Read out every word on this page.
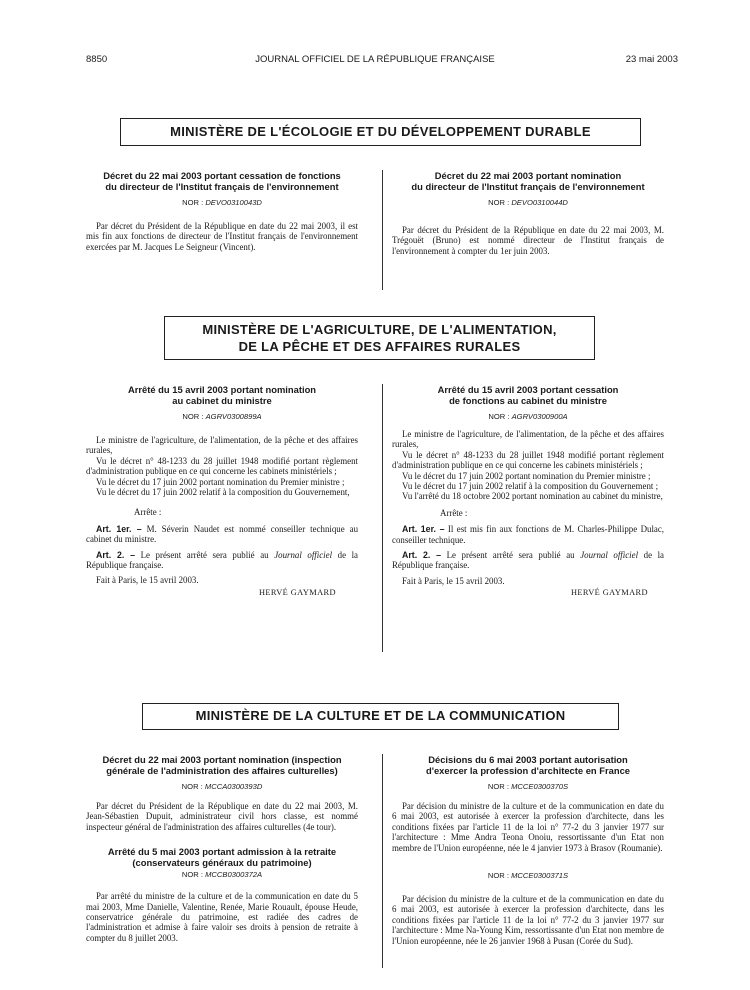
8850	JOURNAL OFFICIEL DE LA RÉPUBLIQUE FRANÇAISE	23 mai 2003
MINISTÈRE DE L'ÉCOLOGIE ET DU DÉVELOPPEMENT DURABLE
Décret du 22 mai 2003 portant cessation de fonctions
du directeur de l'Institut français de l'environnement
NOR : DEVO0310043D

Par décret du Président de la République en date du 22 mai 2003, il est mis fin aux fonctions de directeur de l'Institut français de l'environnement exercées par M. Jacques Le Seigneur (Vincent).

Décret du 22 mai 2003 portant nomination
du directeur de l'Institut français de l'environnement
NOR : DEVO0310044D

Par décret du Président de la République en date du 22 mai 2003, M. Trégouët (Bruno) est nommé directeur de l'Institut français de l'environnement à compter du 1er juin 2003.

MINISTÈRE DE L'AGRICULTURE, DE L'ALIMENTATION,
DE LA PÊCHE ET DES AFFAIRES RURALES
Arrêté du 15 avril 2003 portant nomination
au cabinet du ministre
NOR : AGRV0300899A

Le ministre de l'agriculture, de l'alimentation, de la pêche et des affaires rurales,

Vu le décret n° 48-1233 du 28 juillet 1948 modifié portant règlement d'administration publique en ce qui concerne les cabinets ministériels ;

Vu le décret du 17 juin 2002 portant nomination du Premier ministre ;

Vu le décret du 17 juin 2002 relatif à la composition du Gouvernement,

Arrête :

Art. 1er. – M. Séverin Naudet est nommé conseiller technique au cabinet du ministre.

Art. 2. – Le présent arrêté sera publié au Journal officiel de la République française.

Fait à Paris, le 15 avril 2003.

HERVÉ GAYMARD

Arrêté du 15 avril 2003 portant cessation
de fonctions au cabinet du ministre
NOR : AGRV0300900A

Le ministre de l'agriculture, de l'alimentation, de la pêche et des affaires rurales,

Vu le décret n° 48-1233 du 28 juillet 1948 modifié portant règlement d'administration publique en ce qui concerne les cabinets ministériels ;

Vu le décret du 17 juin 2002 portant nomination du Premier ministre ;

Vu le décret du 17 juin 2002 relatif à la composition du Gouvernement ;

Vu l'arrêté du 18 octobre 2002 portant nomination au cabinet du ministre,

Arrête :

Art. 1er. – Il est mis fin aux fonctions de M. Charles-Philippe Dulac, conseiller technique.

Art. 2. – Le présent arrêté sera publié au Journal officiel de la République française.

Fait à Paris, le 15 avril 2003.

HERVÉ GAYMARD

MINISTÈRE DE LA CULTURE ET DE LA COMMUNICATION
Décret du 22 mai 2003 portant nomination (inspection
générale de l'administration des affaires culturelles)
NOR : MCCA0300393D

Par décret du Président de la République en date du 22 mai 2003, M. Jean-Sébastien Dupuit, administrateur civil hors classe, est nommé inspecteur général de l'administration des affaires culturelles (4e tour).

Arrêté du 5 mai 2003 portant admission à la retraite
(conservateurs généraux du patrimoine)
NOR : MCCB0300372A

Par arrêté du ministre de la culture et de la communication en date du 5 mai 2003, Mme Danielle, Valentine, Renée, Marie Rouault, épouse Heude, conservatrice générale du patrimoine, est radiée des cadres de l'administration et admise à faire valoir ses droits à pension de retraite à compter du 8 juillet 2003.

Décisions du 6 mai 2003 portant autorisation
d'exercer la profession d'architecte en France
NOR : MCCE0300370S

Par décision du ministre de la culture et de la communication en date du 6 mai 2003, est autorisée à exercer la profession d'architecte, dans les conditions fixées par l'article 11 de la loi n° 77-2 du 3 janvier 1977 sur l'architecture : Mme Andra Teona Onoiu, ressortissante d'un Etat non membre de l'Union européenne, née le 4 janvier 1973 à Brasov (Roumanie).

NOR : MCCE0300371S

Par décision du ministre de la culture et de la communication en date du 6 mai 2003, est autorisée à exercer la profession d'architecte, dans les conditions fixées par l'article 11 de la loi n° 77-2 du 3 janvier 1977 sur l'architecture : Mme Na-Young Kim, ressortissante d'un Etat non membre de l'Union européenne, née le 26 janvier 1968 à Pusan (Corée du Sud).
